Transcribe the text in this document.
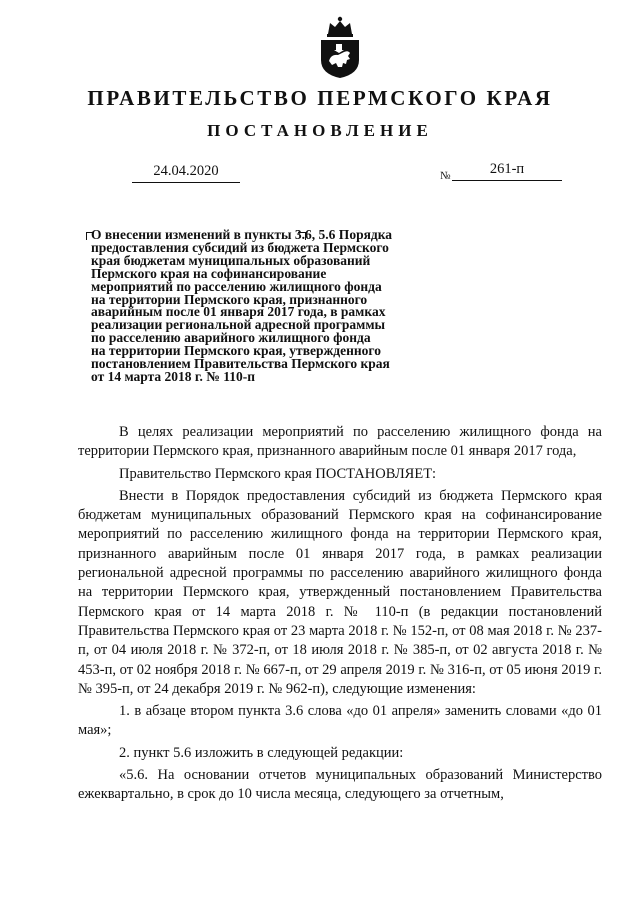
ПРАВИТЕЛЬСТВО ПЕРМСКОГО КРАЯ
ПОСТАНОВЛЕНИЕ
24.04.2020	№	261-п
О внесении изменений в пункты 3.6, 5.6 Порядка
предоставления субсидий из бюджета Пермского
края бюджетам муниципальных образований
Пермского края на софинансирование
мероприятий по расселению жилищного фонда
на территории Пермского края, признанного
аварийным после 01 января 2017 года, в рамках
реализации региональной адресной программы
по расселению аварийного жилищного фонда
на территории Пермского края, утвержденного
постановлением Правительства Пермского края
от 14 марта 2018 г. № 110-п

В целях реализации мероприятий по расселению жилищного фонда на территории Пермского края, признанного аварийным после 01 января 2017 года,

Правительство Пермского края ПОСТАНОВЛЯЕТ:

Внести в Порядок предоставления субсидий из бюджета Пермского края бюджетам муниципальных образований Пермского края на софинансирование мероприятий по расселению жилищного фонда на территории Пермского края, признанного аварийным после 01 января 2017 года, в рамках реализации региональной адресной программы по расселению аварийного жилищного фонда на территории Пермского края, утвержденный постановлением Правительства Пермского края от 14 марта 2018 г. № 110-п (в редакции постановлений Правительства Пермского края от 23 марта 2018 г. № 152-п, от 08 мая 2018 г. № 237-п, от 04 июля 2018 г. № 372-п, от 18 июля 2018 г. № 385-п, от 02 августа 2018 г. № 453-п, от 02 ноября 2018 г. № 667-п, от 29 апреля 2019 г. № 316-п, от 05 июня 2019 г. № 395-п, от 24 декабря 2019 г. № 962-п), следующие изменения:

1. в абзаце втором пункта 3.6 слова «до 01 апреля» заменить словами «до 01 мая»;

2. пункт 5.6 изложить в следующей редакции:

«5.6. На основании отчетов муниципальных образований Министерство ежеквартально, в срок до 10 числа месяца, следующего за отчетным,
